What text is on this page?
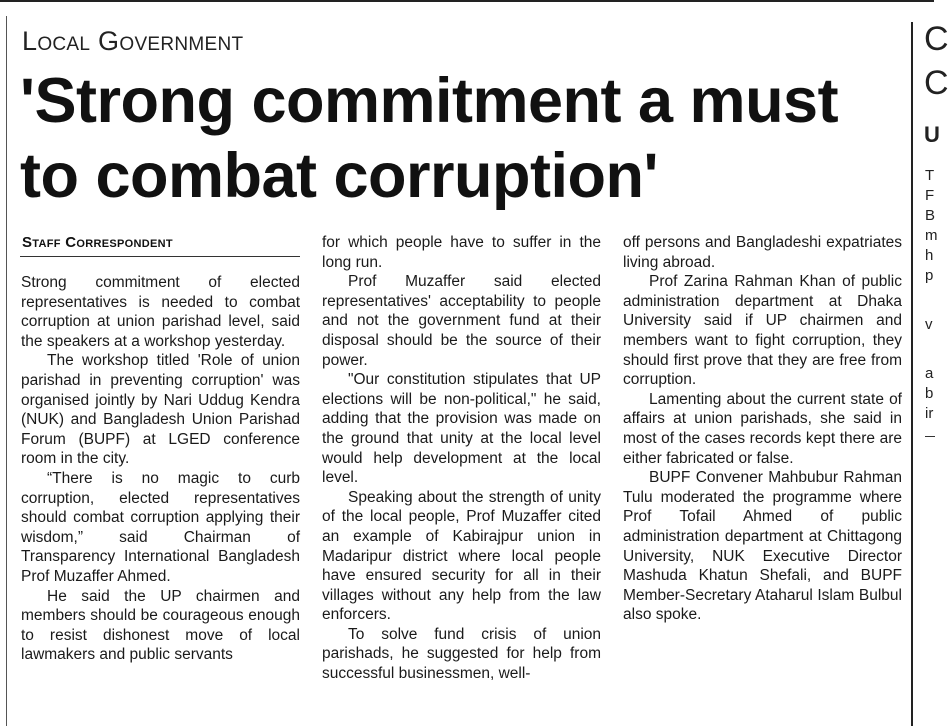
Local Government
'Strong commitment a must to combat corruption'
Staff Correspondent

Strong commitment of elected representatives is needed to combat corruption at union parishad level, said the speakers at a workshop yesterday.

The workshop titled 'Role of union parishad in preventing corruption' was organised jointly by Nari Uddug Kendra (NUK) and Bangladesh Union Parishad Forum (BUPF) at LGED conference room in the city.

“There is no magic to curb corruption, elected representatives should combat corruption applying their wisdom,” said Chairman of Transparency International Bangladesh Prof Muzaffer Ahmed.

He said the UP chairmen and members should be courageous enough to resist dishonest move of local lawmakers and public servants

for which people have to suffer in the long run.

Prof Muzaffer said elected representatives' acceptability to people and not the government fund at their disposal should be the source of their power.

"Our constitution stipulates that UP elections will be non-political," he said, adding that the provision was made on the ground that unity at the local level would help development at the local level.

Speaking about the strength of unity of the local people, Prof Muzaffer cited an example of Kabirajpur union in Madaripur district where local people have ensured security for all in their villages without any help from the law enforcers.

To solve fund crisis of union parishads, he suggested for help from successful businessmen, well-

off persons and Bangladeshi expatriates living abroad.

Prof Zarina Rahman Khan of public administration department at Dhaka University said if UP chairmen and members want to fight corruption, they should first prove that they are free from corruption.

Lamenting about the current state of affairs at union parishads, she said in most of the cases records kept there are either fabricated or false.

BUPF Convener Mahbubur Rahman Tulu moderated the programme where Prof Tofail Ahmed of public administration department at Chittagong University, NUK Executive Director Mashuda Khatun Shefali, and BUPF Member-Secretary Ataharul Islam Bulbul also spoke.

C
C
U
T
F
B
m
h
p
v
a
b
ir
